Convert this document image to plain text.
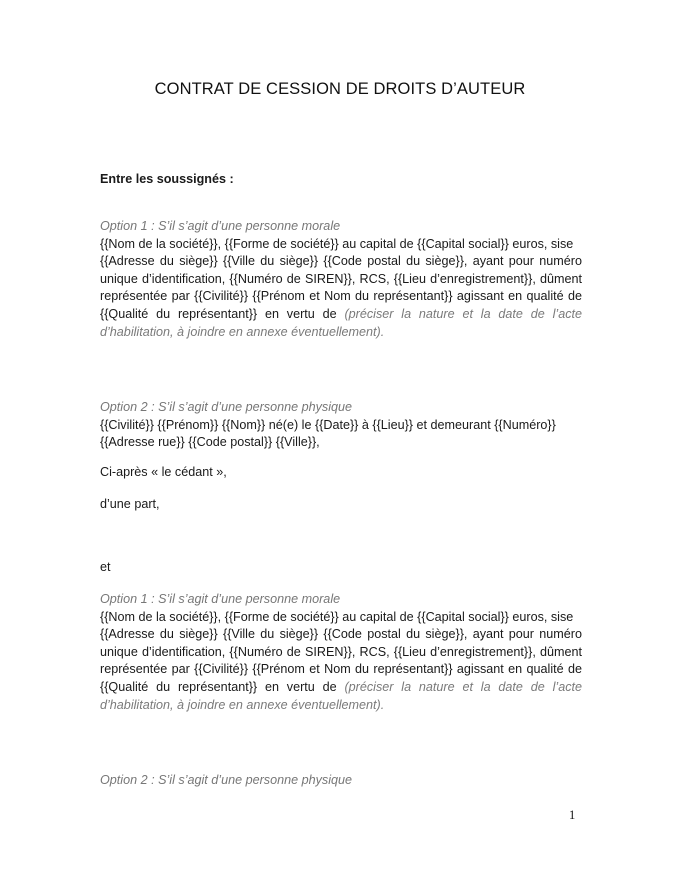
CONTRAT DE CESSION DE DROITS D’AUTEUR

Entre les soussignés :

Option 1 : S’il s’agit d’une personne morale

{{Nom de la société}}, {{Forme de société}} au capital de {{Capital social}} euros, sise

{{Adresse du siège}} {{Ville du siège}} {{Code postal du siège}}, ayant pour numéro unique d’identification, {{Numéro de SIREN}}, RCS, {{Lieu d’enregistrement}}, dûment représentée par {{Civilité}} {{Prénom et Nom du représentant}} agissant en qualité de {{Qualité du représentant}} en vertu de (préciser la nature et la date de l’acte d’habilitation, à joindre en annexe éventuellement).

Option 2 : S’il s’agit d’une personne physique

{{Civilité}} {{Prénom}} {{Nom}} né(e) le {{Date}} à {{Lieu}} et demeurant {{Numéro}} {{Adresse rue}} {{Code postal}} {{Ville}},

Ci-après « le cédant »,

d’une part,

et

Option 1 : S’il s’agit d’une personne morale

{{Nom de la société}}, {{Forme de société}} au capital de {{Capital social}} euros, sise

{{Adresse du siège}} {{Ville du siège}} {{Code postal du siège}}, ayant pour numéro unique d’identification, {{Numéro de SIREN}}, RCS, {{Lieu d’enregistrement}}, dûment représentée par {{Civilité}} {{Prénom et Nom du représentant}} agissant en qualité de {{Qualité du représentant}} en vertu de (préciser la nature et la date de l’acte d’habilitation, à joindre en annexe éventuellement).

Option 2 : S’il s’agit d’une personne physique

1
